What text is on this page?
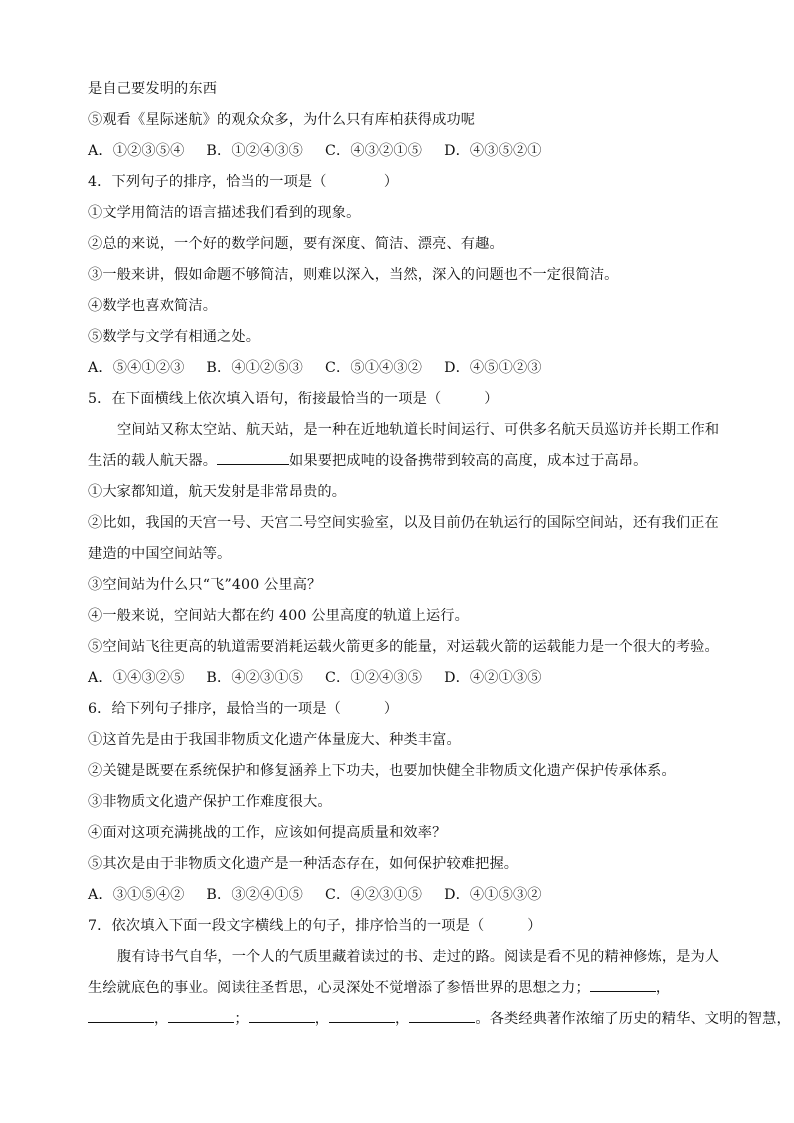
是自己要发明的东西
⑤观看《星际迷航》的观众众多，为什么只有库柏获得成功呢
A．①②③⑤④ B．①②④③⑤ C．④③②①⑤ D．④③⑤②①
4．下列句子的排序，恰当的一项是（　　　　）
①文学用简洁的语言描述我们看到的现象。
②总的来说，一个好的数学问题，要有深度、简洁、漂亮、有趣。
③一般来讲，假如命题不够简洁，则难以深入，当然，深入的问题也不一定很简洁。
④数学也喜欢简洁。
⑤数学与文学有相通之处。
A．⑤④①②③ B．④①②⑤③ C．⑤①④③② D．④⑤①②③
5．在下面横线上依次填入语句，衔接最恰当的一项是（　　　）
空间站又称太空站、航天站，是一种在近地轨道长时间运行、可供多名航天员巡访并长期工作和
生活的载人航天器。	如果要把成吨的设备携带到较高的高度，成本过于高昂。
①大家都知道，航天发射是非常昂贵的。
②比如，我国的天宫一号、天宫二号空间实验室，以及目前仍在轨运行的国际空间站，还有我们正在
建造的中国空间站等。
③空间站为什么只“飞”400 公里高？
④一般来说，空间站大都在约 400 公里高度的轨道上运行。
⑤空间站飞往更高的轨道需要消耗运载火箭更多的能量，对运载火箭的运载能力是一个很大的考验。
A．①④③②⑤ B．④②③①⑤ C．①②④③⑤ D．④②①③⑤
6．给下列句子排序，最恰当的一项是（　　　）
①这首先是由于我国非物质文化遗产体量庞大、种类丰富。
②关键是既要在系统保护和修复涵养上下功夫，也要加快健全非物质文化遗产保护传承体系。
③非物质文化遗产保护工作难度很大。
④面对这项充满挑战的工作，应该如何提高质量和效率？
⑤其次是由于非物质文化遗产是一种活态存在，如何保护较难把握。
A．③①⑤④② B．③②④①⑤ C．④②③①⑤ D．④①⑤③②
7．依次填入下面一段文字横线上的句子，排序恰当的一项是（　　　）
腹有诗书气自华，一个人的气质里藏着读过的书、走过的路。阅读是看不见的精神修炼，是为人
生绘就底色的事业。阅读往圣哲思，心灵深处不觉增添了参悟世界的思想之力；	，
，	；	，	，	。各类经典著作浓缩了历史的精华、文明的智慧，
